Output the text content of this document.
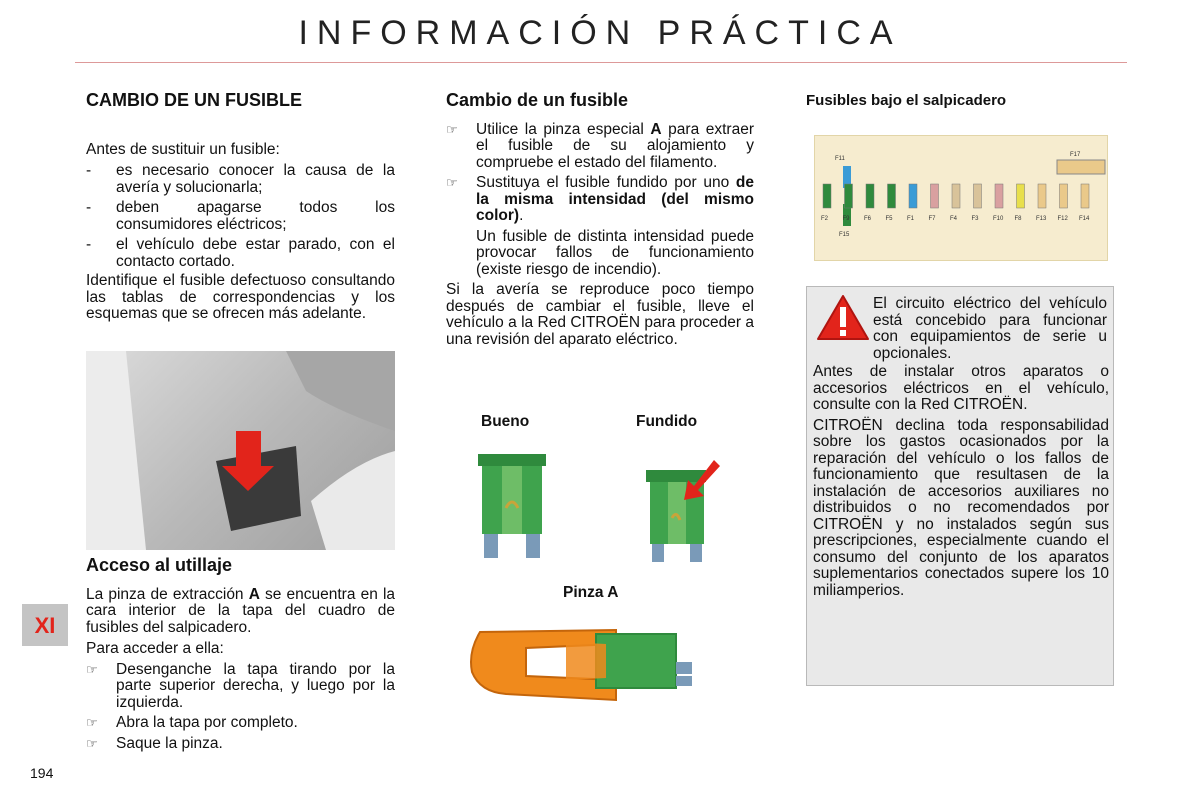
INFORMACIÓN PRÁCTICA
CAMBIO DE UN FUSIBLE

Antes de sustituir un fusible:

- es necesario conocer la causa de la avería y solucionarla;
- deben apagarse todos los consumidores eléctricos;
- el vehículo debe estar parado, con el contacto cortado.

Identifique el fusible defectuoso consultando las tablas de correspondencias y los esquemas que se ofrecen más adelante.

Acceso al utillaje

La pinza de extracción A se encuentra en la cara interior de la tapa del cuadro de fusibles del salpicadero.

Para acceder a ella:

☞ Desenganche la tapa tirando por la parte superior derecha, y luego por la izquierda.
☞ Abra la tapa por completo.
☞ Saque la pinza.
Cambio de un fusible
☞ Utilice la pinza especial A para extraer el fusible de su alojamiento y compruebe el estado del filamento.
☞ Sustituya el fusible fundido por uno de la misma intensidad (del mismo color).

Un fusible de distinta intensidad puede provocar fallos de funcionamiento (existe riesgo de incendio).

Si la avería se reproduce poco tiempo después de cambiar el fusible, lleve el vehículo a la Red CITROËN para proceder a una revisión del aparato eléctrico.

Bueno	Fundido
Pinza A
Fusibles bajo el salpicadero
F11
F15
F17
F2 F9 F6 F5 F1 F7 F4 F3 F10 F8 F13 F12 F14
El circuito eléctrico del vehículo está concebido para funcionar con equipamientos de serie u opcionales.

Antes de instalar otros aparatos o accesorios eléctricos en el vehículo, consulte con la Red CITROËN.

CITROËN declina toda responsabilidad sobre los gastos ocasionados por la reparación del vehículo o los fallos de funcionamiento que resultasen de la instalación de accesorios auxiliares no distribuidos o no recomendados por CITROËN y no instalados según sus prescripciones, especialmente cuando el consumo del conjunto de los aparatos suplementarios conectados supere los 10 miliamperios.

XI
194
